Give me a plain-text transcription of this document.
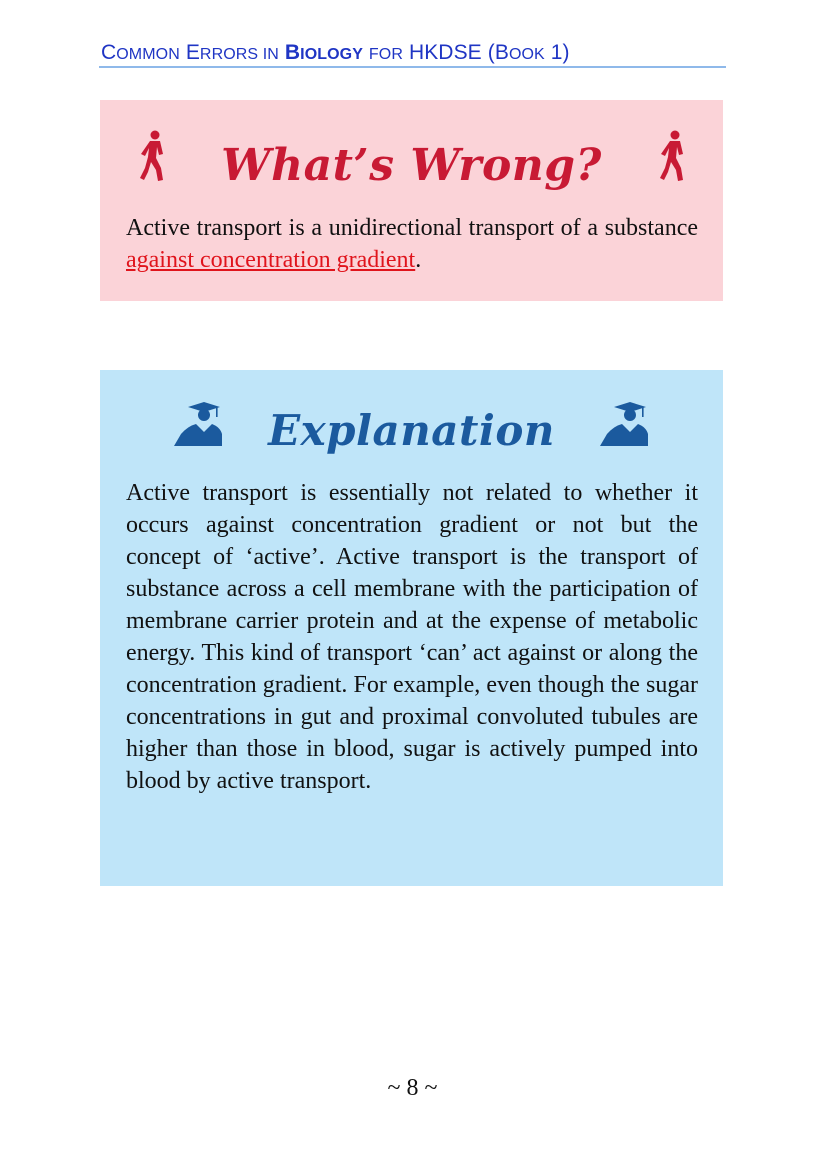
COMMON ERRORS IN BIOLOGY FOR HKDSE (BOOK 1)
What’s Wrong?
Active transport is a unidirectional transport of a substance against concentration gradient.
Explanation
Active transport is essentially not related to whether it occurs against concentration gradient or not but the concept of ‘active’. Active transport is the transport of substance across a cell membrane with the participation of membrane carrier protein and at the expense of metabolic energy. This kind of transport ‘can’ act against or along the concentration gradient. For example, even though the sugar concentrations in gut and proximal convoluted tubules are higher than those in blood, sugar is actively pumped into blood by active transport.
~ 8 ~
